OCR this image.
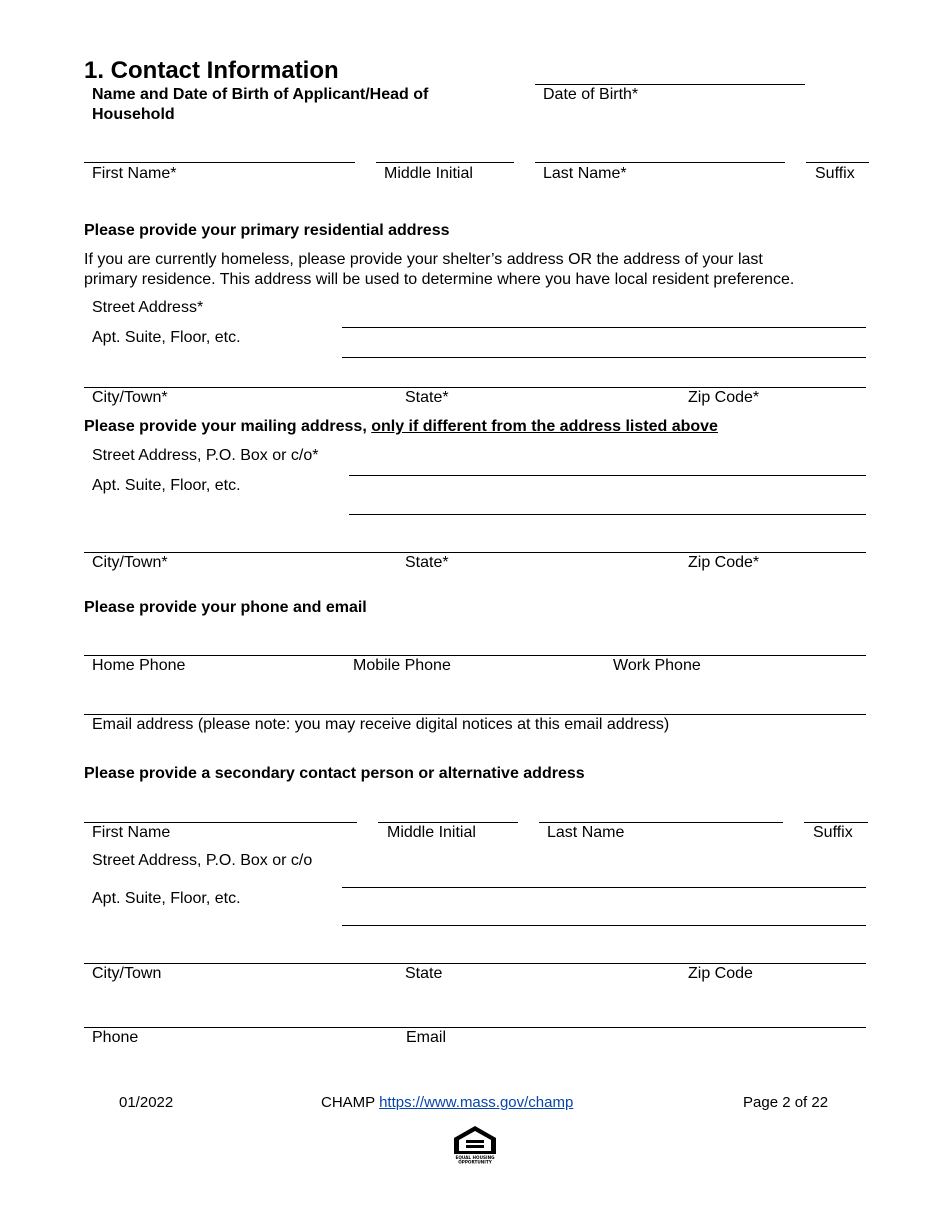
1. Contact Information
Name and Date of Birth of Applicant/Head of
Household
Date of Birth*
First Name*	Middle Initial	Last Name*	Suffix
Please provide your primary residential address
If you are currently homeless, please provide your shelter’s address OR the address of your last
primary residence. This address will be used to determine where you have local resident preference.
Street Address*
Apt. Suite, Floor, etc.
City/Town*	State*	Zip Code*
Please provide your mailing address, only if different from the address listed above
Street Address, P.O. Box or c/o*
Apt. Suite, Floor, etc.
City/Town*	State*	Zip Code*
Please provide your phone and email
Home Phone	Mobile Phone	Work Phone
Email address (please note: you may receive digital notices at this email address)
Please provide a secondary contact person or alternative address
First Name	Middle Initial	Last Name	Suffix
Street Address, P.O. Box or c/o
Apt. Suite, Floor, etc.
City/Town	State	Zip Code
Phone	Email
01/2022	CHAMP https://www.mass.gov/champ	Page 2 of 22
EQUAL HOUSING
OPPORTUNITY
